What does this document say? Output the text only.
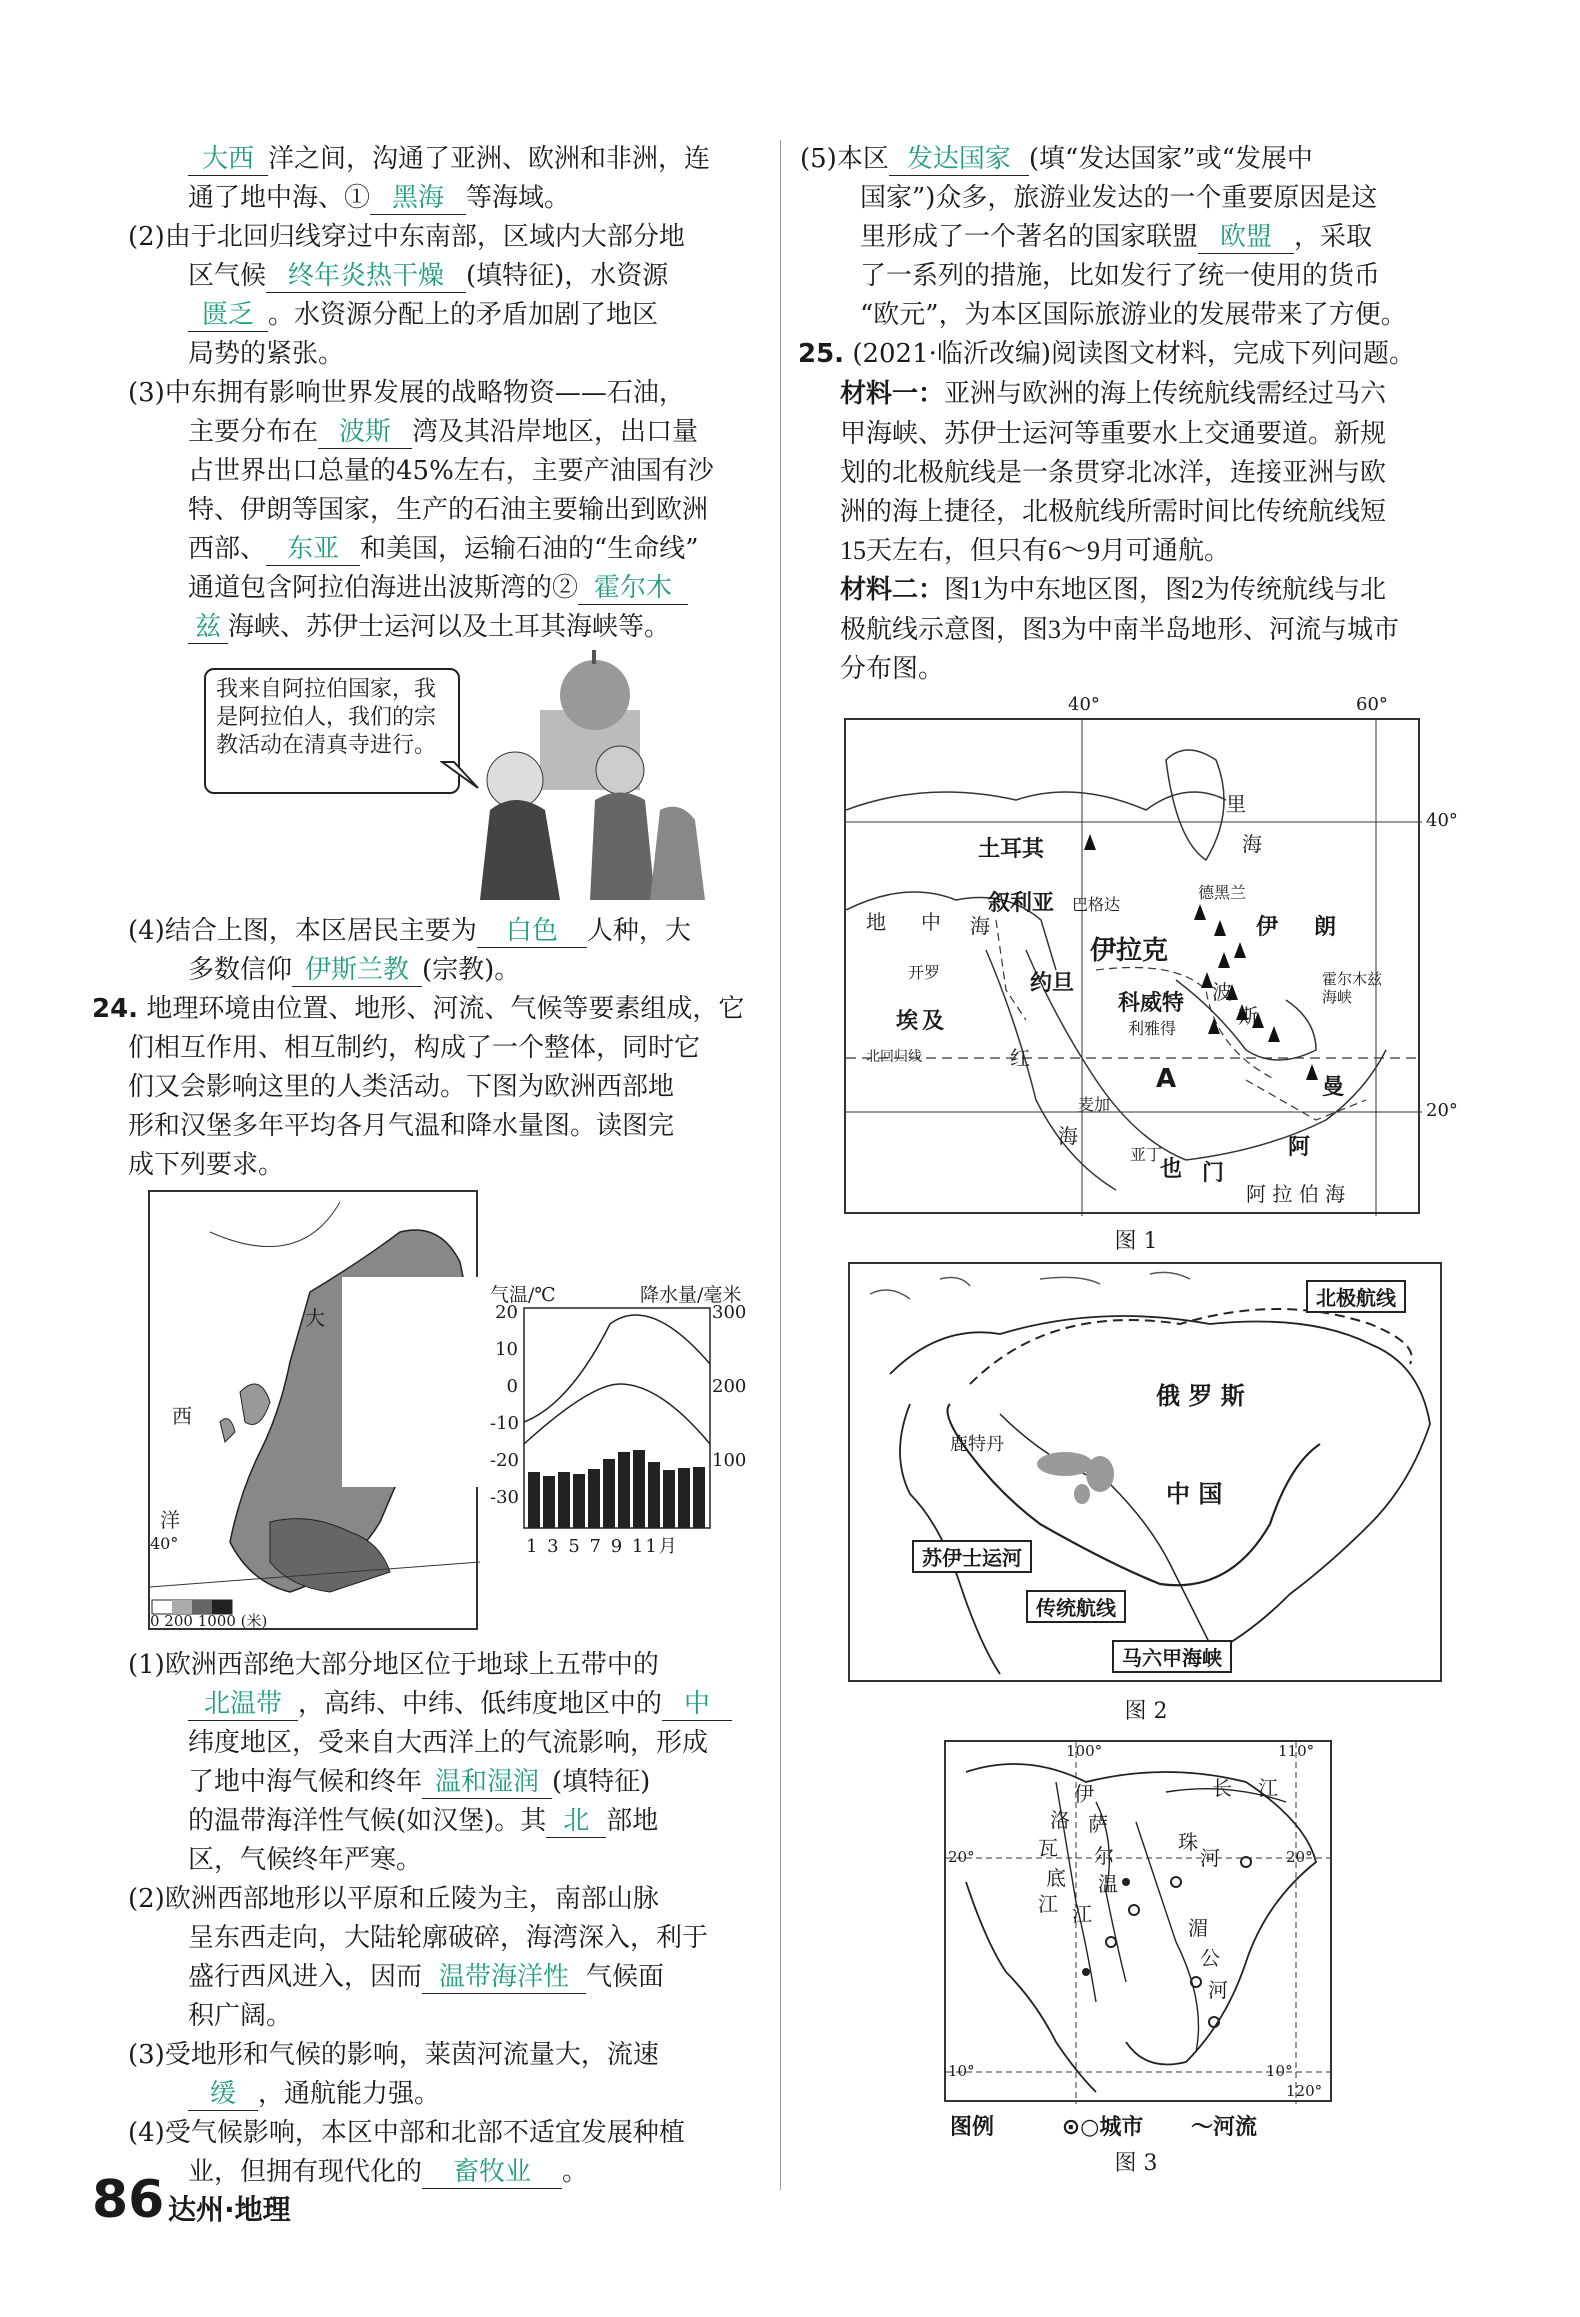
大西 洋之间，沟通了亚洲、欧洲和非洲，连
通了地中海、① 黑海 等海域。
(2)由于北回归线穿过中东南部，区域内大部分地
区气候 终年炎热干燥 (填特征)，水资源
匮乏 。水资源分配上的矛盾加剧了地区
局势的紧张。
(3)中东拥有影响世界发展的战略物资——石油，
主要分布在 波斯 湾及其沿岸地区，出口量
占世界出口总量的45%左右，主要产油国有沙
特、伊朗等国家，生产的石油主要输出到欧洲
西部、 东亚 和美国，运输石油的“生命线”
通道包含阿拉伯海进出波斯湾的② 霍尔木
兹 海峡、苏伊士运河以及土耳其海峡等。
我来自阿拉伯国家，我是阿拉伯人，我们的宗教活动在清真寺进行。
(4)结合上图，本区居民主要为 白色 人种，大
多数信仰 伊斯兰教 (宗教)。
24. 地理环境由位置、地形、河流、气候等要素组成，它
们相互作用、相互制约，构成了一个整体，同时它
们又会影响这里的人类活动。下图为欧洲西部地
形和汉堡多年平均各月气温和降水量图。读图完
成下列要求。
大
西
洋
40°
0 200 1000 (米)
气温/℃	降水量/毫米
20
10
0
-10
-20
-30
300
200
100
1 3 5 7 9 11月
(1)欧洲西部绝大部分地区位于地球上五带中的
北温带 ，高纬、中纬、低纬度地区中的 中
纬度地区，受来自大西洋上的气流影响，形成
了地中海气候和终年 温和湿润 (填特征)
的温带海洋性气候(如汉堡)。其 北 部地
区，气候终年严寒。
(2)欧洲西部地形以平原和丘陵为主，南部山脉
呈东西走向，大陆轮廓破碎，海湾深入，利于
盛行西风进入，因而 温带海洋性 气候面
积广阔。
(3)受地形和气候的影响，莱茵河流量大，流速
缓 ，通航能力强。
(4)受气候影响，本区中部和北部不适宜发展种植
业，但拥有现代化的 畜牧业 。
(5)本区 发达国家 (填“发达国家”或“发展中
国家”)众多，旅游业发达的一个重要原因是这
里形成了一个著名的国家联盟 欧盟 ，采取
了一系列的措施，比如发行了统一使用的货币
“欧元”，为本区国际旅游业的发展带来了方便。
25. (2021·临沂改编)阅读图文材料，完成下列问题。
材料一：亚洲与欧洲的海上传统航线需经过马六
甲海峡、苏伊士运河等重要水上交通要道。新规
划的北极航线是一条贯穿北冰洋，连接亚洲与欧
洲的海上捷径，北极航线所需时间比传统航线短
15天左右，但只有6～9月可通航。
材料二：图1为中东地区图，图2为传统航线与北
极航线示意图，图3为中南半岛地形、河流与城市
分布图。
40°	60°
40°
20°
土耳其
叙利亚 巴格达
德黑兰
伊拉克
伊 朗
里
海
地 中 海
开罗	约旦
科威特
利雅得
波
斯
霍尔木兹海峡
埃 及
北回归线	红
海
A
麦加
亚丁
也 门
阿
曼
阿 拉 伯 海
图 1
北极航线
俄 罗 斯
鹿特丹
中 国
苏伊士运河
传统航线
马六甲海峡
图 2
100°	110°
20°	20°
10°	10°
120°
长 江
伊
洛 萨
瓦 尔
底 温
江 江
珠
河
湄
公
河
图例	⊙○城市 ～河流
图 3
86 达州·地理
